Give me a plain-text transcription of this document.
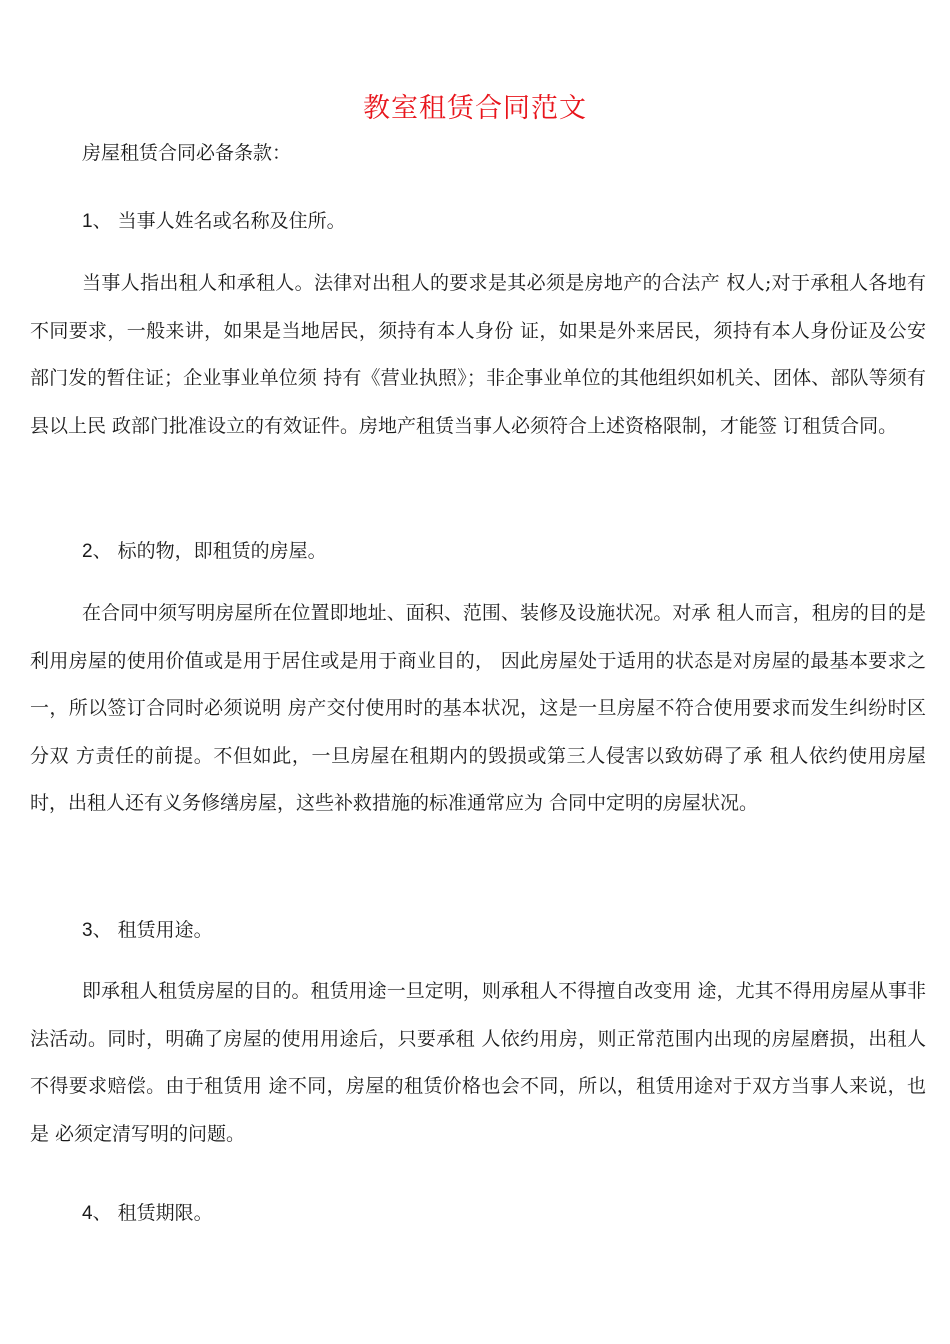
教室租赁合同范文
房屋租赁合同必备条款：
1、 当事人姓名或名称及住所。
当事人指出租人和承租人。法律对出租人的要求是其必须是房地产的合法产 权人;对于承租人各地有不同要求，一般来讲，如果是当地居民，须持有本人身份 证，如果是外来居民，须持有本人身份证及公安部门发的暂住证；企业事业单位须 持有《营业执照》；非企事业单位的其他组织如机关、团体、部队等须有县以上民 政部门批准设立的有效证件。房地产租赁当事人必须符合上述资格限制，才能签 订租赁合同。
2、 标的物，即租赁的房屋。
在合同中须写明房屋所在位置即地址、面积、范围、装修及设施状况。对承 租人而言，租房的目的是利用房屋的使用价值或是用于居住或是用于商业目的， 因此房屋处于适用的状态是对房屋的最基本要求之一，所以签订合同时必须说明 房产交付使用时的基本状况，这是一旦房屋不符合使用要求而发生纠纷时区分双 方责任的前提。不但如此，一旦房屋在租期内的毁损或第三人侵害以致妨碍了承 租人依约使用房屋时，出租人还有义务修缮房屋，这些补救措施的标准通常应为 合同中定明的房屋状况。
3、 租赁用途。
即承租人租赁房屋的目的。租赁用途一旦定明，则承租人不得擅自改变用 途，尤其不得用房屋从事非法活动。同时，明确了房屋的使用用途后，只要承租 人依约用房，则正常范围内出现的房屋磨损，出租人不得要求赔偿。由于租赁用 途不同，房屋的租赁价格也会不同，所以，租赁用途对于双方当事人来说，也是 必须定清写明的问题。
4、 租赁期限。
